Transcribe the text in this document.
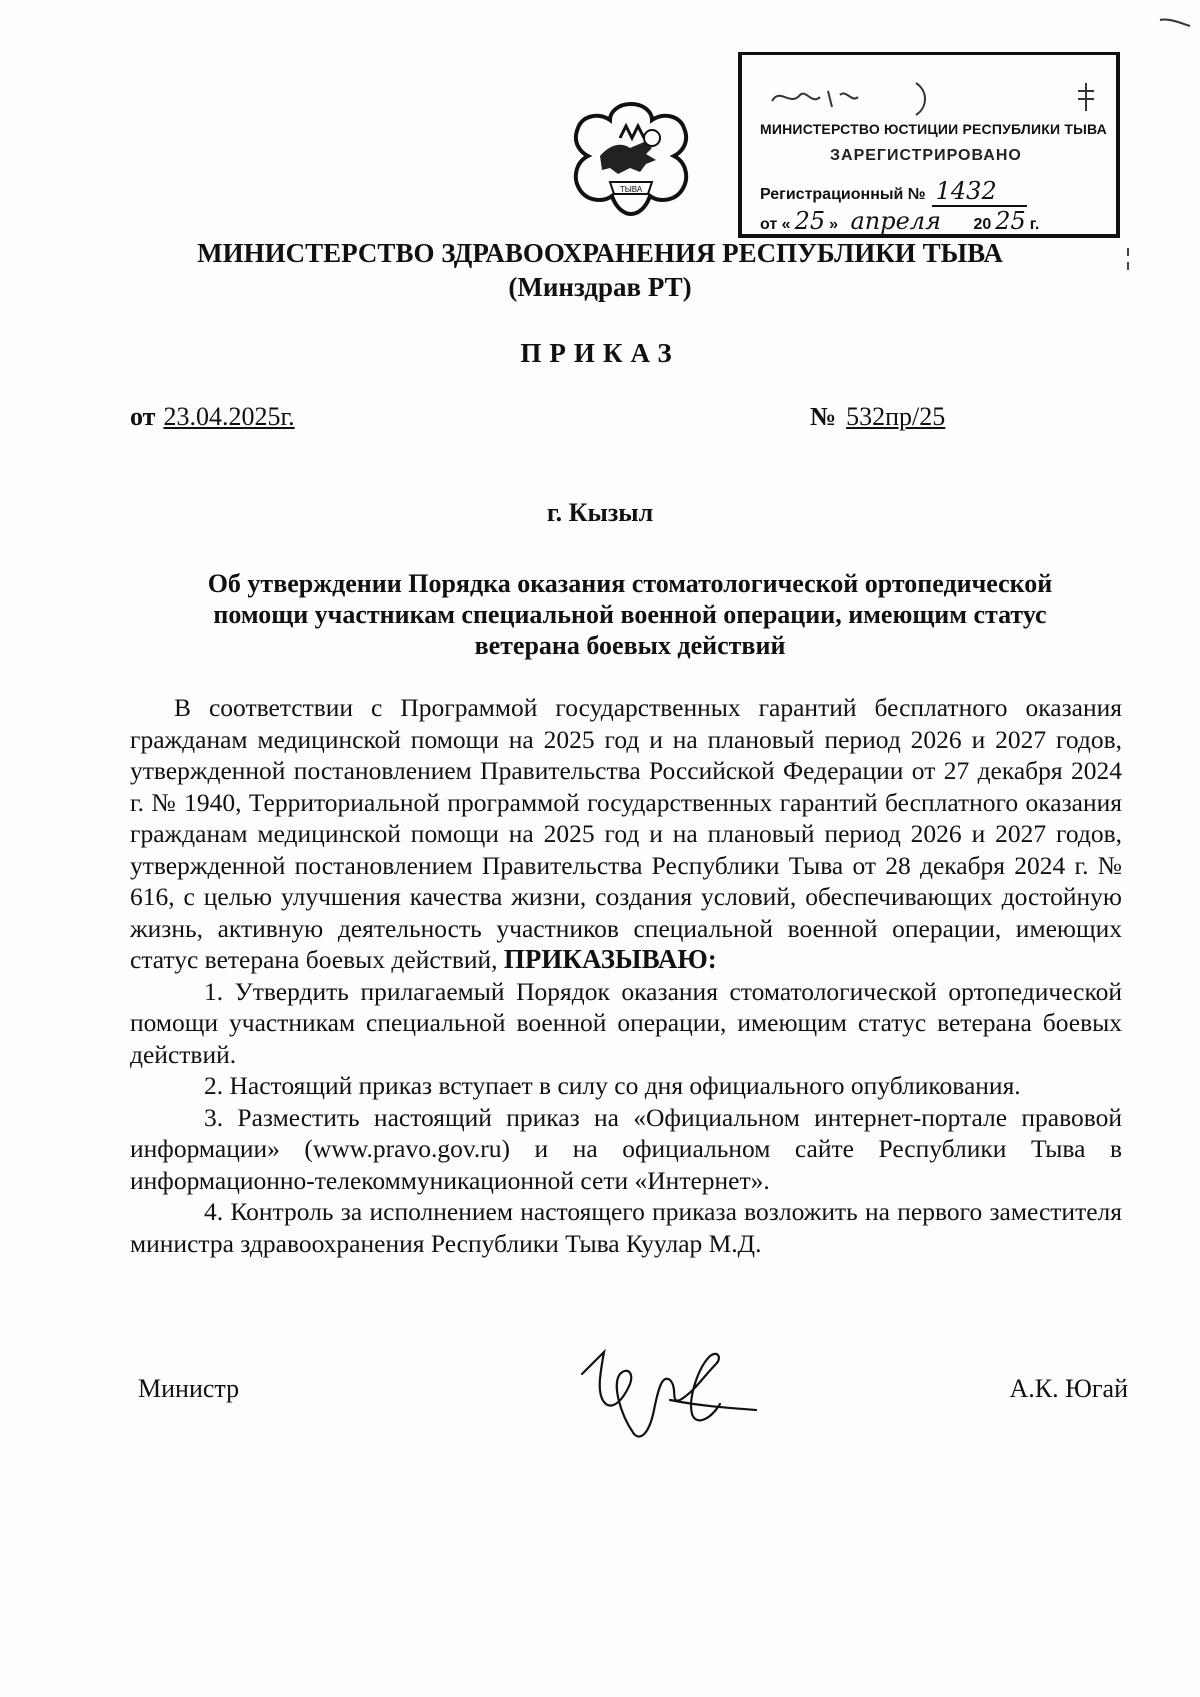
ТЫВА
МИНИСТЕРСТВО ЮСТИЦИИ РЕСПУБЛИКИ ТЫВА
ЗАРЕГИСТРИРОВАНО
Регистрационный № 1432
от « 25 » апреля 20 25 г.
МИНИСТЕРСТВО ЗДРАВООХРАНЕНИЯ РЕСПУБЛИКИ ТЫВА
(Минздрав РТ)
ПРИКАЗ
от 23.04.2025г.	№ 532пр/25
г. Кызыл
Об утверждении Порядка оказания стоматологической ортопедической помощи участникам специальной военной операции, имеющим статус ветерана боевых действий

В соответствии с Программой государственных гарантий бесплатного оказания гражданам медицинской помощи на 2025 год и на плановый период 2026 и 2027 годов, утвержденной постановлением Правительства Российской Федерации от 27 декабря 2024 г. № 1940, Территориальной программой государственных гарантий бесплатного оказания гражданам медицинской помощи на 2025 год и на плановый период 2026 и 2027 годов, утвержденной постановлением Правительства Республики Тыва от 28 декабря 2024 г. № 616, с целью улучшения качества жизни, создания условий, обеспечивающих достойную жизнь, активную деятельность участников специальной военной операции, имеющих статус ветерана боевых действий, ПРИКАЗЫВАЮ:

1. Утвердить прилагаемый Порядок оказания стоматологической ортопедической помощи участникам специальной военной операции, имеющим статус ветерана боевых действий.

2. Настоящий приказ вступает в силу со дня официального опубликования.

3. Разместить настоящий приказ на «Официальном интернет-портале правовой информации» (www.pravo.gov.ru) и на официальном сайте Республики Тыва в информационно-телекоммуникационной сети «Интернет».

4. Контроль за исполнением настоящего приказа возложить на первого заместителя министра здравоохранения Республики Тыва Куулар М.Д.

Министр	А.К. Югай
